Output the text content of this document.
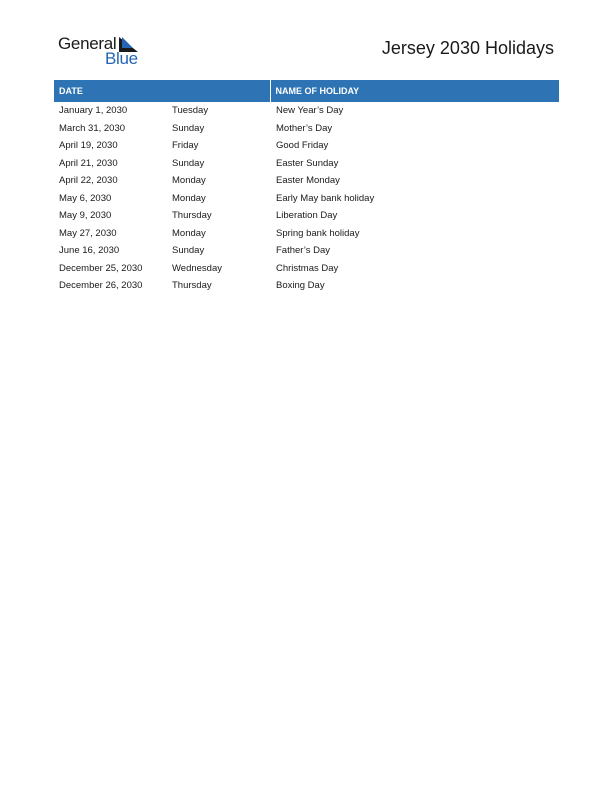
General
Blue
Jersey 2030 Holidays
DATE		NAME OF HOLIDAY
January 1, 2030	Tuesday	New Year’s Day
March 31, 2030	Sunday	Mother’s Day
April 19, 2030	Friday	Good Friday
April 21, 2030	Sunday	Easter Sunday
April 22, 2030	Monday	Easter Monday
May 6, 2030	Monday	Early May bank holiday
May 9, 2030	Thursday	Liberation Day
May 27, 2030	Monday	Spring bank holiday
June 16, 2030	Sunday	Father’s Day
December 25, 2030	Wednesday	Christmas Day
December 26, 2030	Thursday	Boxing Day
